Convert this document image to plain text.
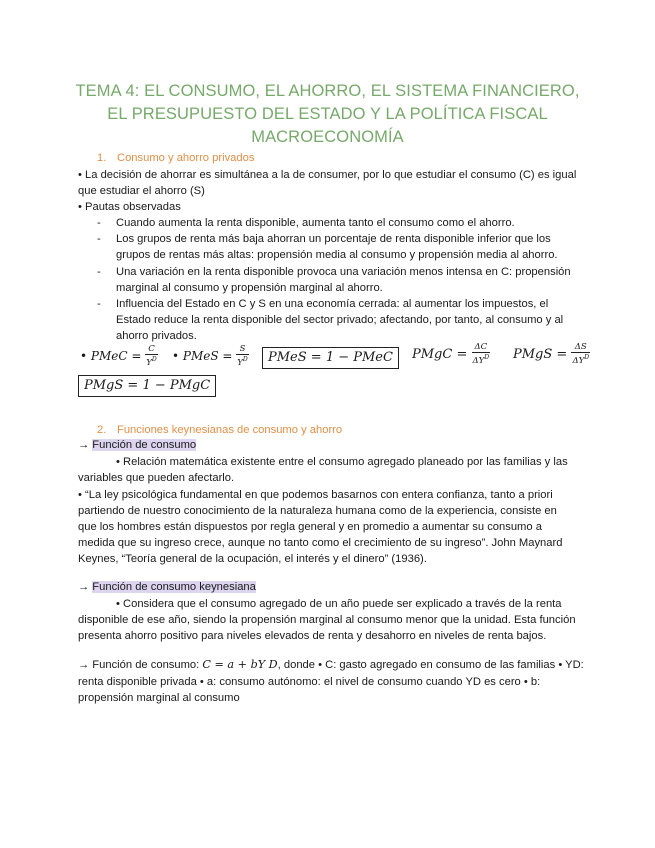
TEMA 4: EL CONSUMO, EL AHORRO, EL SISTEMA FINANCIERO,
EL PRESUPUESTO DEL ESTADO Y LA POLÍTICA FISCAL
MACROECONOMÍA
1. Consumo y ahorro privados
• La decisión de ahorrar es simultánea a la de consumer, por lo que estudiar el consumo (C) es igual
que estudiar el ahorro (S)
• Pautas observadas
- Cuando aumenta la renta disponible, aumenta tanto el consumo como el ahorro.
- Los grupos de renta más baja ahorran un porcentaje de renta disponible inferior que los
grupos de rentas más altas: propensión media al consumo y propensión media al ahorro.
- Una variación en la renta disponible provoca una variación menos intensa en C: propensión
marginal al consumo y propensión marginal al ahorro.
- Influencia del Estado en C y S en una economía cerrada: al aumentar los impuestos, el
Estado reduce la renta disponible del sector privado; afectando, por tanto, al consumo y al
ahorro privados.
• PMeC = $\frac{C}{Y^D}$ • PMeS = $\frac{S}{Y^D}$	PMeS = 1 − PMeC	PMgC = $\frac{\Delta C}{\Delta Y^D}$ PMgS = $\frac{\Delta S}{\Delta Y^D}$
PMgS = 1 − PMgC
2. Funciones keynesianas de consumo y ahorro
→ Función de consumo
• Relación matemática existente entre el consumo agregado planeado por las familias y las
variables que pueden afectarlo.
• “La ley psicológica fundamental en que podemos basarnos con entera confianza, tanto a priori
partiendo de nuestro conocimiento de la naturaleza humana como de la experiencia, consiste en
que los hombres están dispuestos por regla general y en promedio a aumentar su consumo a
medida que su ingreso crece, aunque no tanto como el crecimiento de su ingreso”. John Maynard
Keynes, “Teoría general de la ocupación, el interés y el dinero” (1936).
→ Función de consumo keynesiana
• Considera que el consumo agregado de un año puede ser explicado a través de la renta
disponible de ese año, siendo la propensión marginal al consumo menor que la unidad. Esta función
presenta ahorro positivo para niveles elevados de renta y desahorro en niveles de renta bajos.
→ Función de consumo: C = a + bY D, donde • C: gasto agregado en consumo de las familias • YD:
renta disponible privada • a: consumo autónomo: el nivel de consumo cuando YD es cero • b:
propensión marginal al consumo
